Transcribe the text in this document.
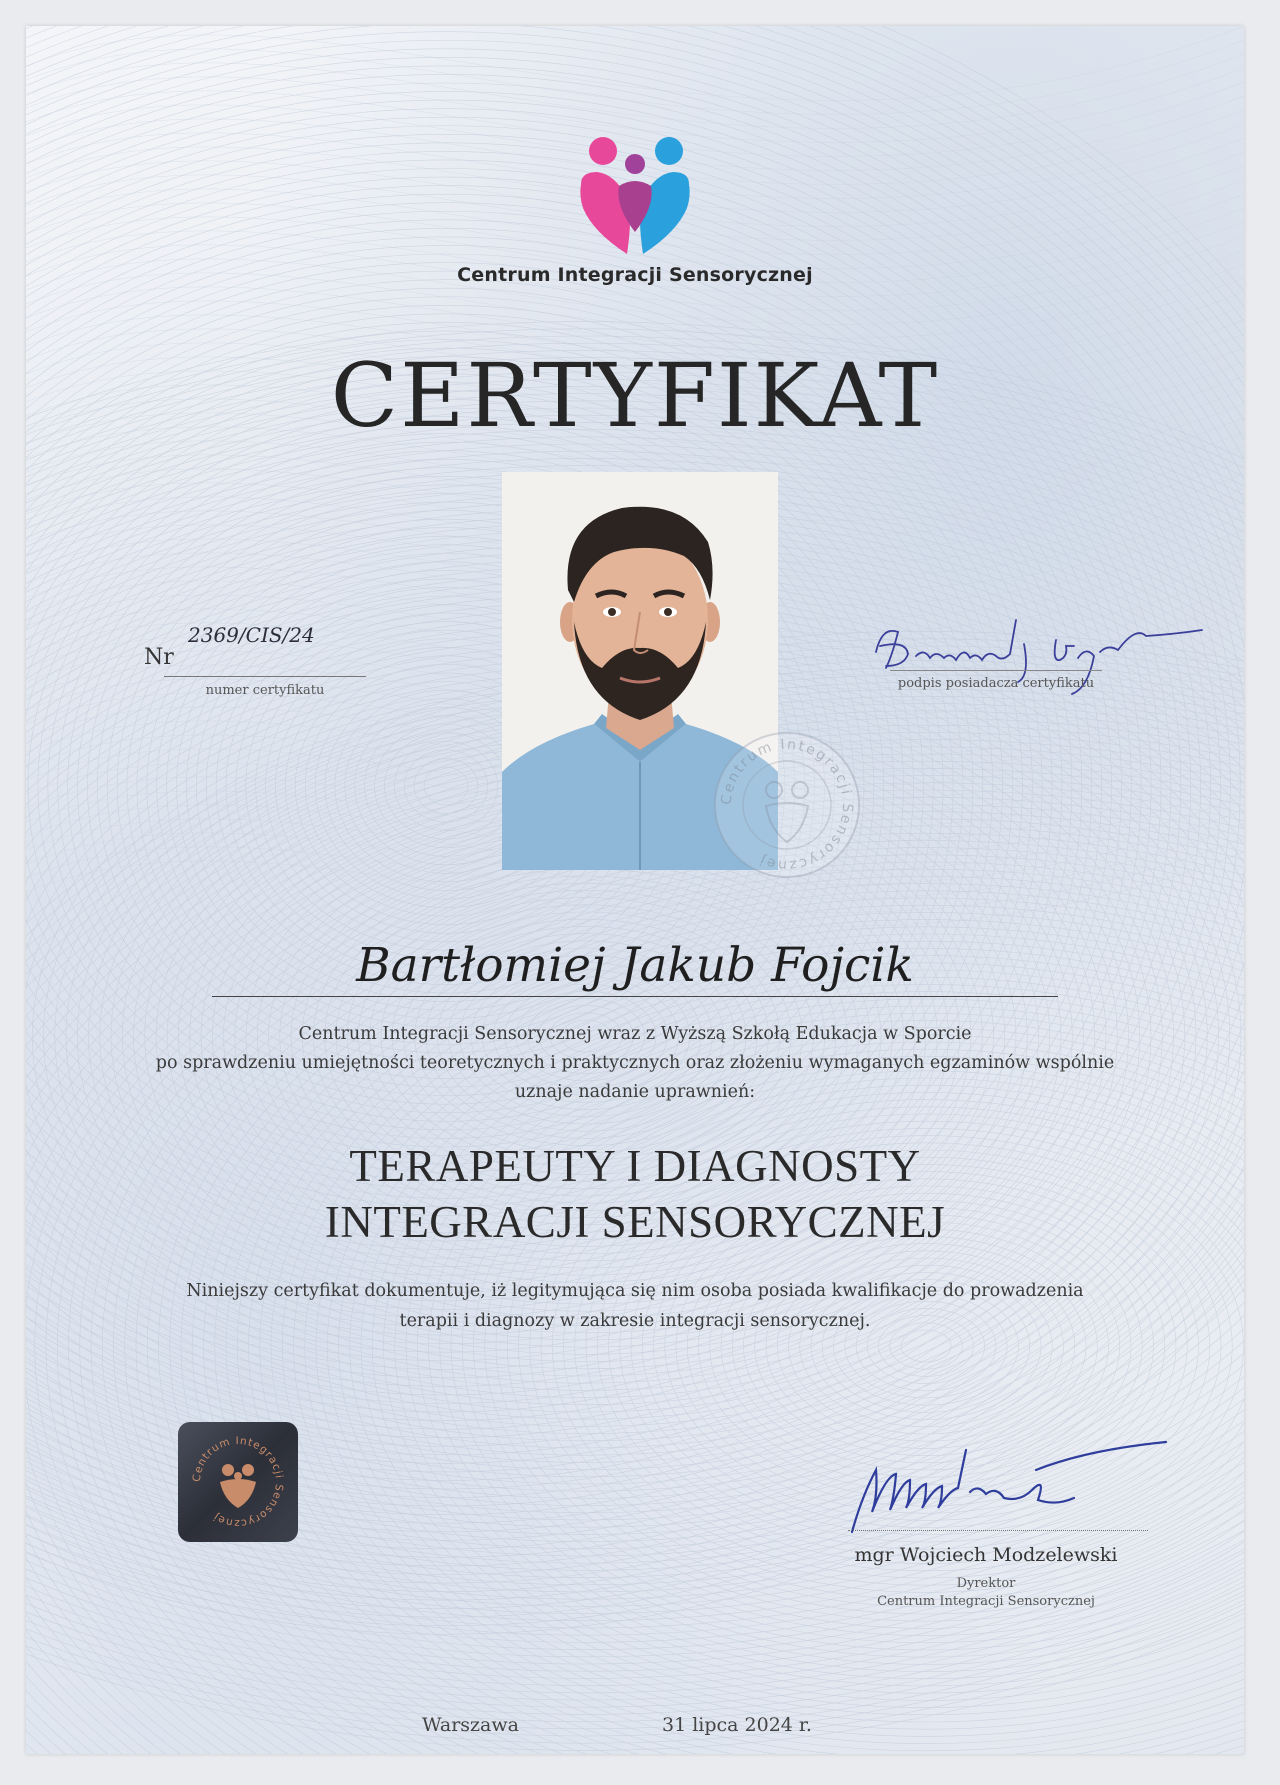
Centrum Integracji Sensorycznej
CERTYFIKAT
Nr
2369/CIS/24
numer certyfikatu	podpis posiadacza certyfikatu
Centrum Integracji Sensorycznej
Bartłomiej Jakub Fojcik
Centrum Integracji Sensorycznej wraz z Wyższą Szkołą Edukacja w Sporcie
po sprawdzeniu umiejętności teoretycznych i praktycznych oraz złożeniu wymaganych egzaminów wspólnie
uznaje nadanie uprawnień:
TERAPEUTY I DIAGNOSTY
INTEGRACJI SENSORYCZNEJ
Niniejszy certyfikat dokumentuje, iż legitymująca się nim osoba posiada kwalifikacje do prowadzenia
terapii i diagnozy w zakresie integracji sensorycznej.
Centrum Integracji Sensorycznej
mgr Wojciech Modzelewski
Dyrektor
Centrum Integracji Sensorycznej
Warszawa	31 lipca 2024 r.
